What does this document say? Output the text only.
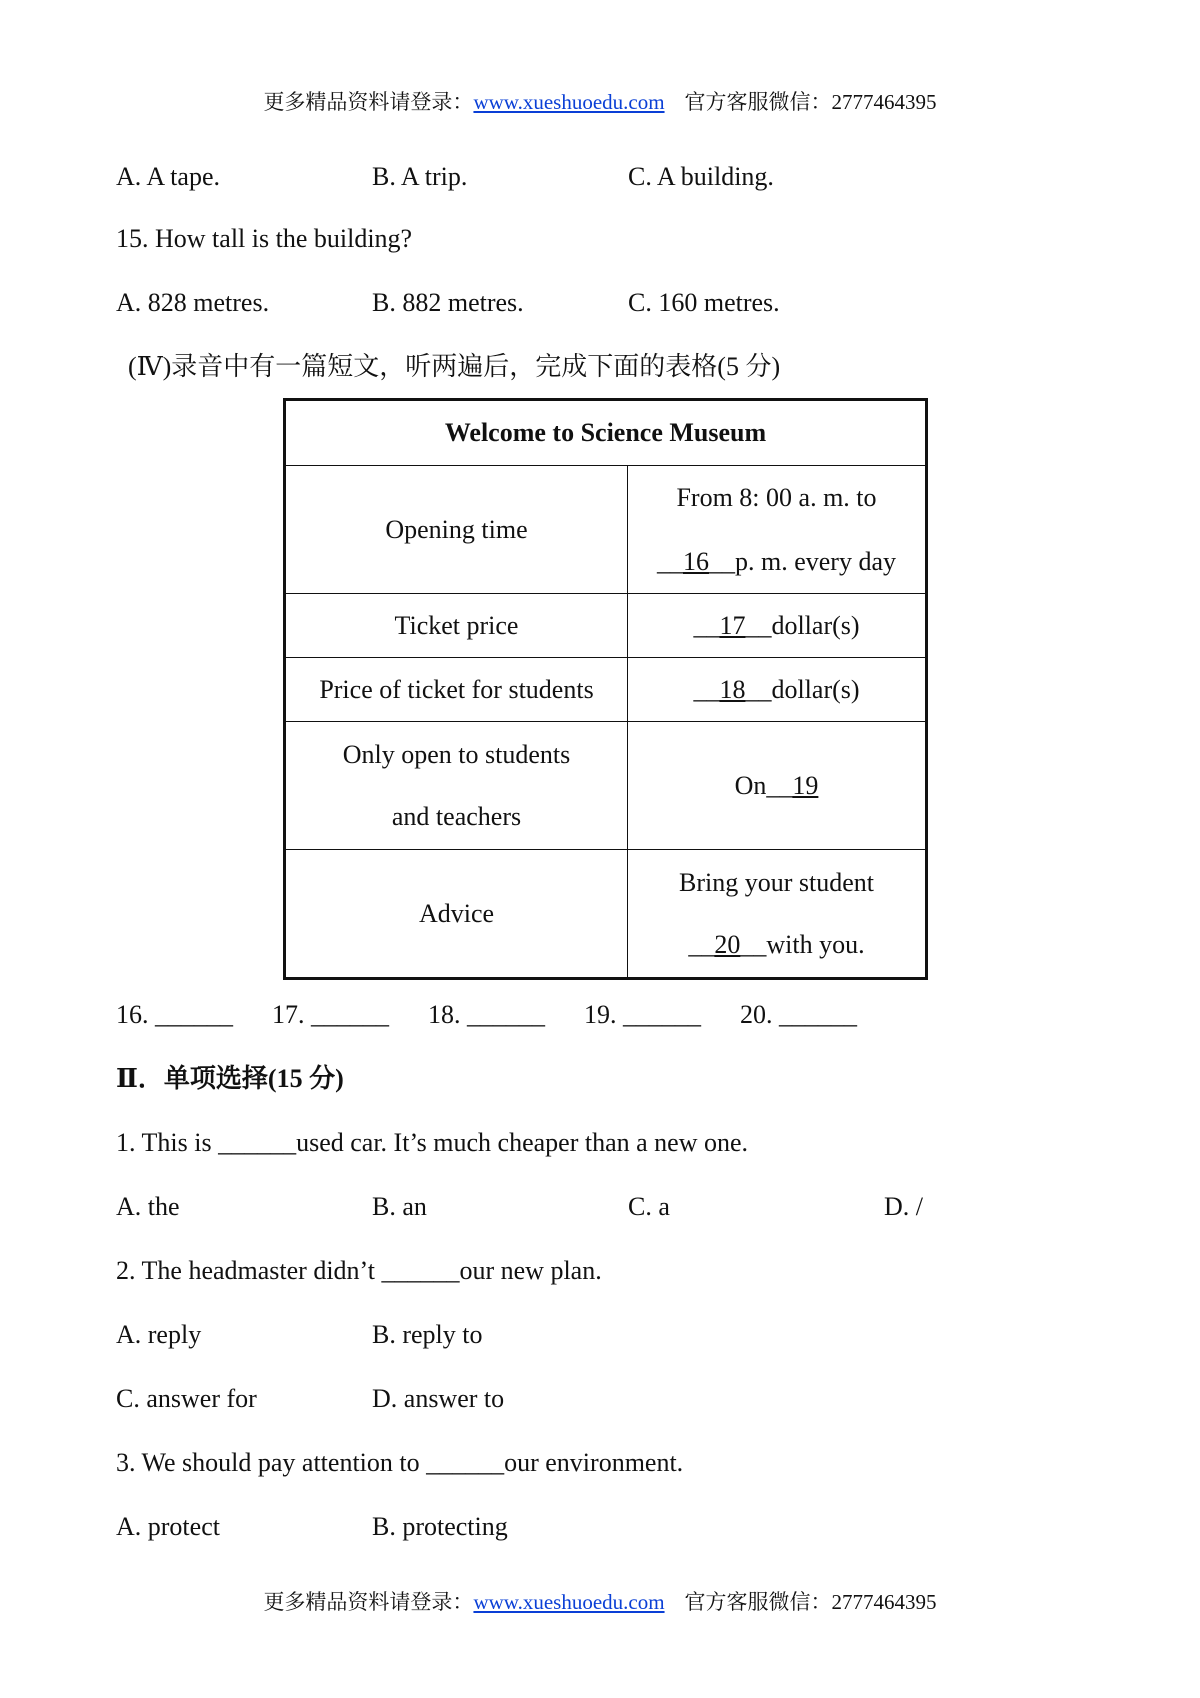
更多精品资料请登录：www.xueshuoedu.com 官方客服微信：2777464395
A. A tape.	B. A trip.	C. A building.
15. How tall is the building?
A. 828 metres.	B. 882 metres.	C. 160 metres.
(Ⅳ)录音中有一篇短文，听两遍后，完成下面的表格(5 分)
Welcome to Science Museum	
Opening time	From 8: 00 a. m. to
__16__p. m. every day

Ticket price	__17__dollar(s)
Price of ticket for students	__18__dollar(s)

Only open to students
and teachers	On__19
Advice	Bring your student
__20__with you.
16. ______ 17. ______ 18. ______ 19. ______ 20. ______
Ⅱ．单项选择(15 分)
1. This is ______used car. It’s much cheaper than a new one.
A. the	B. an	C. a	D. /
2. The headmaster didn’t ______our new plan.
A. reply	B. reply to
C. answer for	D. answer to
3. We should pay attention to ______our environment.
A. protect	B. protecting
更多精品资料请登录：www.xueshuoedu.com 官方客服微信：2777464395
